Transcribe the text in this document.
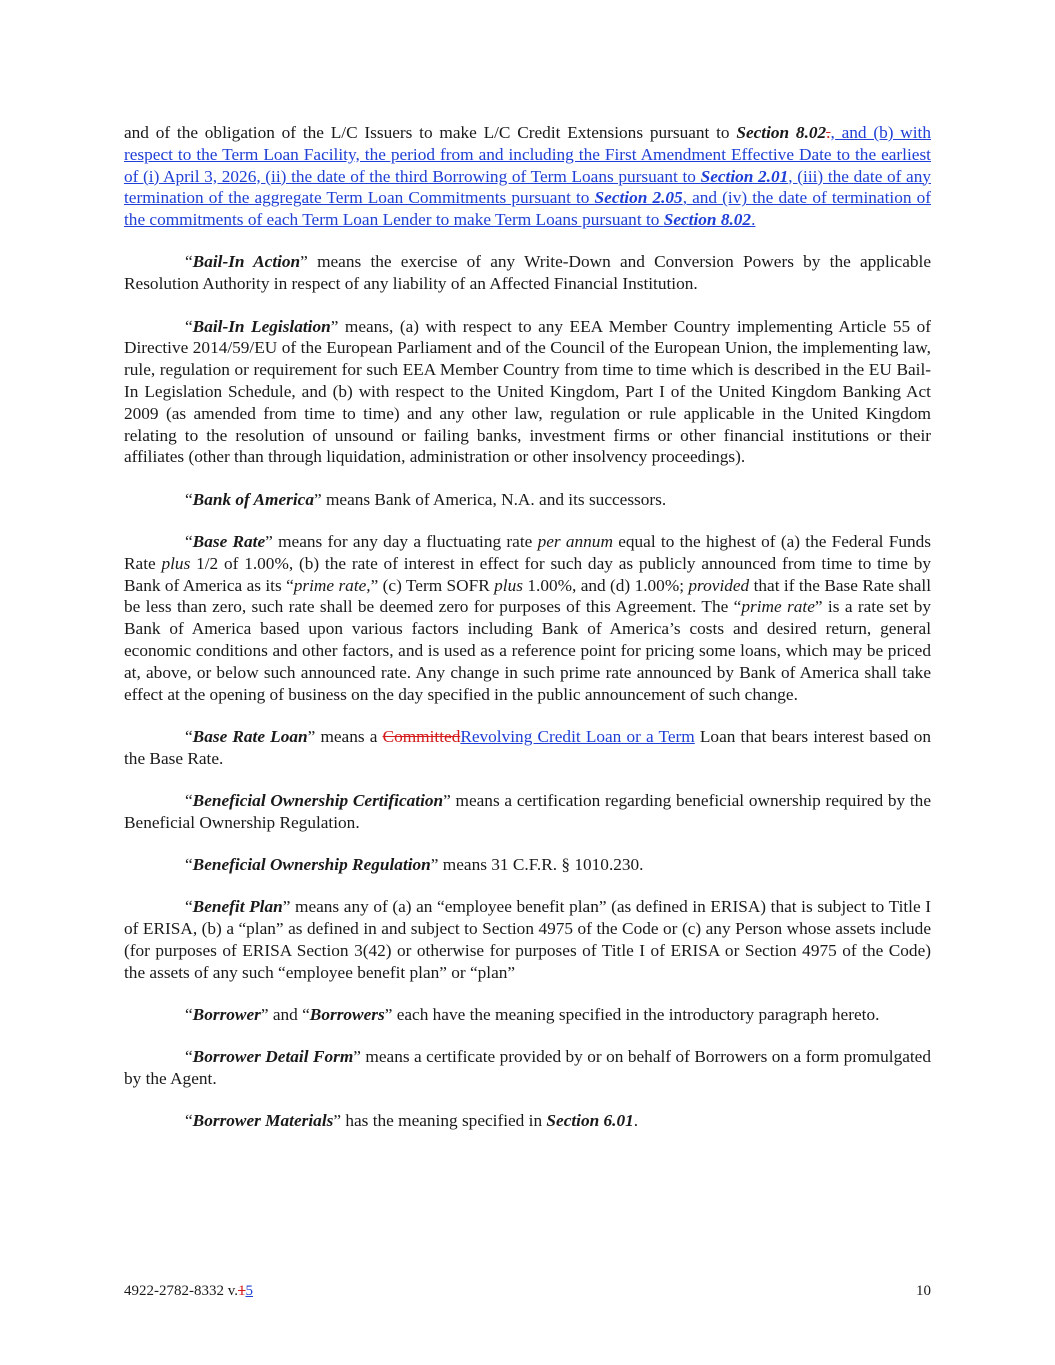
and of the obligation of the L/C Issuers to make L/C Credit Extensions pursuant to Section 8.02., and (b) with respect to the Term Loan Facility, the period from and including the First Amendment Effective Date to the earliest of (i) April 3, 2026, (ii) the date of the third Borrowing of Term Loans pursuant to Section 2.01, (iii) the date of any termination of the aggregate Term Loan Commitments pursuant to Section 2.05, and (iv) the date of termination of the commitments of each Term Loan Lender to make Term Loans pursuant to Section 8.02.

“Bail-In Action” means the exercise of any Write-Down and Conversion Powers by the applicable Resolution Authority in respect of any liability of an Affected Financial Institution.

“Bail-In Legislation” means, (a) with respect to any EEA Member Country implementing Article 55 of Directive 2014/59/EU of the European Parliament and of the Council of the European Union, the implementing law, rule, regulation or requirement for such EEA Member Country from time to time which is described in the EU Bail-In Legislation Schedule, and (b) with respect to the United Kingdom, Part I of the United Kingdom Banking Act 2009 (as amended from time to time) and any other law, regulation or rule applicable in the United Kingdom relating to the resolution of unsound or failing banks, investment firms or other financial institutions or their affiliates (other than through liquidation, administration or other insolvency proceedings).

“Bank of America” means Bank of America, N.A. and its successors.

“Base Rate” means for any day a fluctuating rate per annum equal to the highest of (a) the Federal Funds Rate plus 1/2 of 1.00%, (b) the rate of interest in effect for such day as publicly announced from time to time by Bank of America as its “prime rate,” (c) Term SOFR plus 1.00%, and (d) 1.00%; provided that if the Base Rate shall be less than zero, such rate shall be deemed zero for purposes of this Agreement. The “prime rate” is a rate set by Bank of America based upon various factors including Bank of America’s costs and desired return, general economic conditions and other factors, and is used as a reference point for pricing some loans, which may be priced at, above, or below such announced rate. Any change in such prime rate announced by Bank of America shall take effect at the opening of business on the day specified in the public announcement of such change.

“Base Rate Loan” means a CommittedRevolving Credit Loan or a Term Loan that bears interest based on the Base Rate.

“Beneficial Ownership Certification” means a certification regarding beneficial ownership required by the Beneficial Ownership Regulation.

“Beneficial Ownership Regulation” means 31 C.F.R. § 1010.230.

“Benefit Plan” means any of (a) an “employee benefit plan” (as defined in ERISA) that is subject to Title I of ERISA, (b) a “plan” as defined in and subject to Section 4975 of the Code or (c) any Person whose assets include (for purposes of ERISA Section 3(42) or otherwise for purposes of Title I of ERISA or Section 4975 of the Code) the assets of any such “employee benefit plan” or “plan”

“Borrower” and “Borrowers” each have the meaning specified in the introductory paragraph hereto.

“Borrower Detail Form” means a certificate provided by or on behalf of Borrowers on a form promulgated by the Agent.

“Borrower Materials” has the meaning specified in Section 6.01.

4922-2782-8332 v.15	10
